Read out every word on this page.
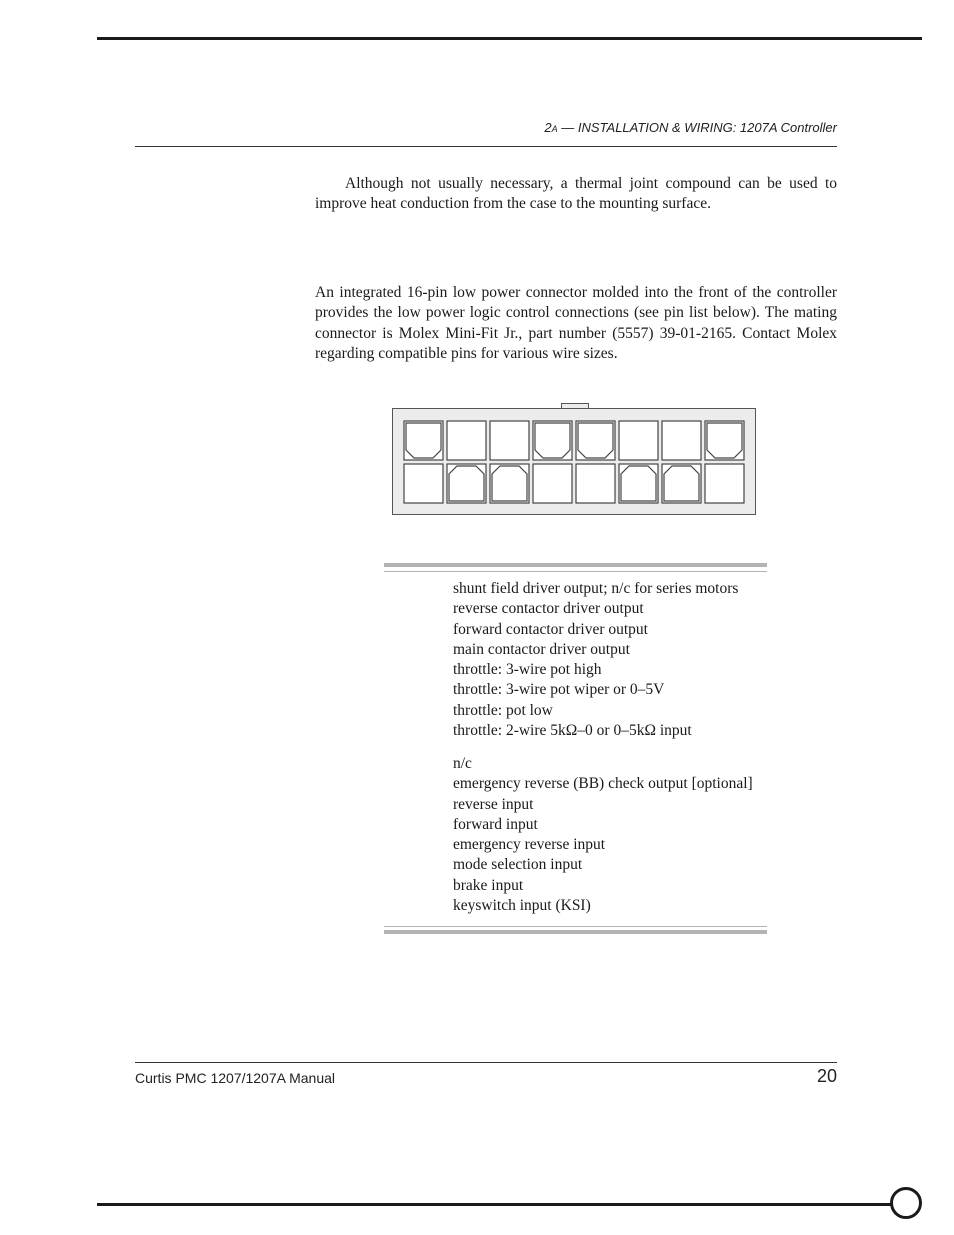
2A — INSTALLATION & WIRING: 1207A Controller

Although not usually necessary, a thermal joint compound can be used to improve heat conduction from the case to the mounting surface.

An integrated 16-pin low power connector molded into the front of the controller provides the low power logic control connections (see pin list below). The mating connector is Molex Mini-Fit Jr., part number (5557) 39-01-2165. Contact Molex regarding compatible pins for various wire sizes.

shunt field driver output; n/c for series motors
reverse contactor driver output
forward contactor driver output
main contactor driver output
throttle: 3-wire pot high
throttle: 3-wire pot wiper or 0–5V
throttle: pot low
throttle: 2-wire 5kΩ–0 or 0–5kΩ input
n/c
emergency reverse (BB) check output [optional]
reverse input
forward input
emergency reverse input
mode selection input
brake input
keyswitch input (KSI)
Curtis PMC 1207/1207A Manual	20
